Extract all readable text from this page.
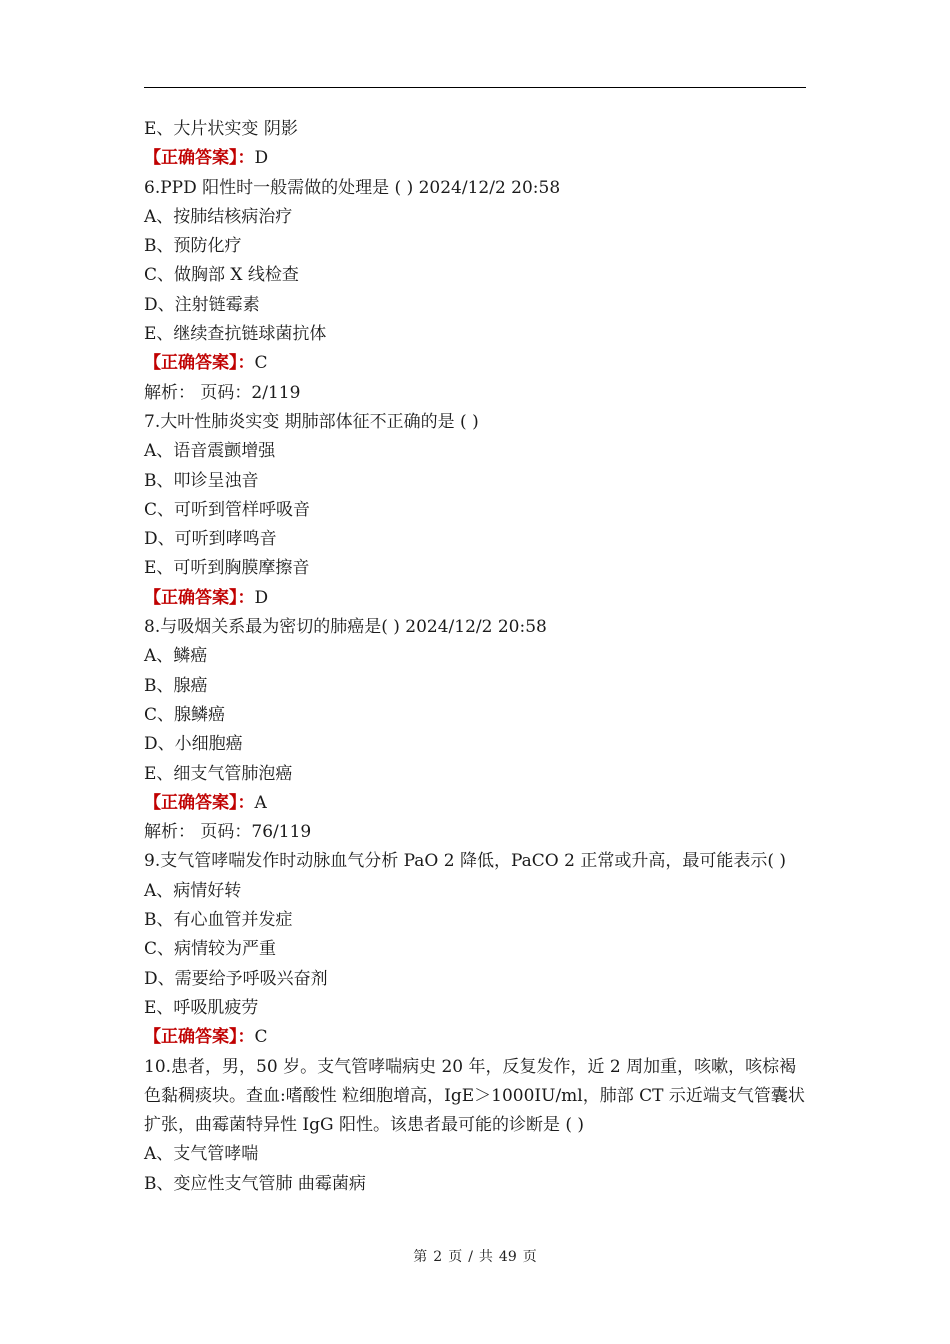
E、大片状实变 阴影
【正确答案】：D
6.PPD 阳性时一般需做的处理是 ( ) 2024/12/2 20:58
A、按肺结核病治疗
B、预防化疗
C、做胸部 X 线检查
D、注射链霉素
E、继续查抗链球菌抗体
【正确答案】：C
解析： 页码：2/119
7.大叶性肺炎实变 期肺部体征不正确的是 ( )
A、语音震颤增强
B、叩诊呈浊音
C、可听到管样呼吸音
D、可听到哮鸣音
E、可听到胸膜摩擦音
【正确答案】：D
8.与吸烟关系最为密切的肺癌是( ) 2024/12/2 20:58
A、鳞癌
B、腺癌
C、腺鳞癌
D、小细胞癌
E、细支气管肺泡癌
【正确答案】：A
解析： 页码：76/119
9.支气管哮喘发作时动脉血气分析 PaO 2 降低，PaCO 2 正常或升高，最可能表示( )
A、病情好转
B、有心血管并发症
C、病情较为严重
D、需要给予呼吸兴奋剂
E、呼吸肌疲劳
【正确答案】：C
10.患者，男，50 岁。支气管哮喘病史 20 年，反复发作，近 2 周加重，咳嗽，咳棕褐色黏稠痰块。查血:嗜酸性 粒细胞增高，IgE＞1000IU/ml，肺部 CT 示近端支气管囊状 扩张，曲霉菌特异性 IgG 阳性。该患者最可能的诊断是 ( )
A、支气管哮喘
B、变应性支气管肺 曲霉菌病
第 2 页 / 共 49 页
